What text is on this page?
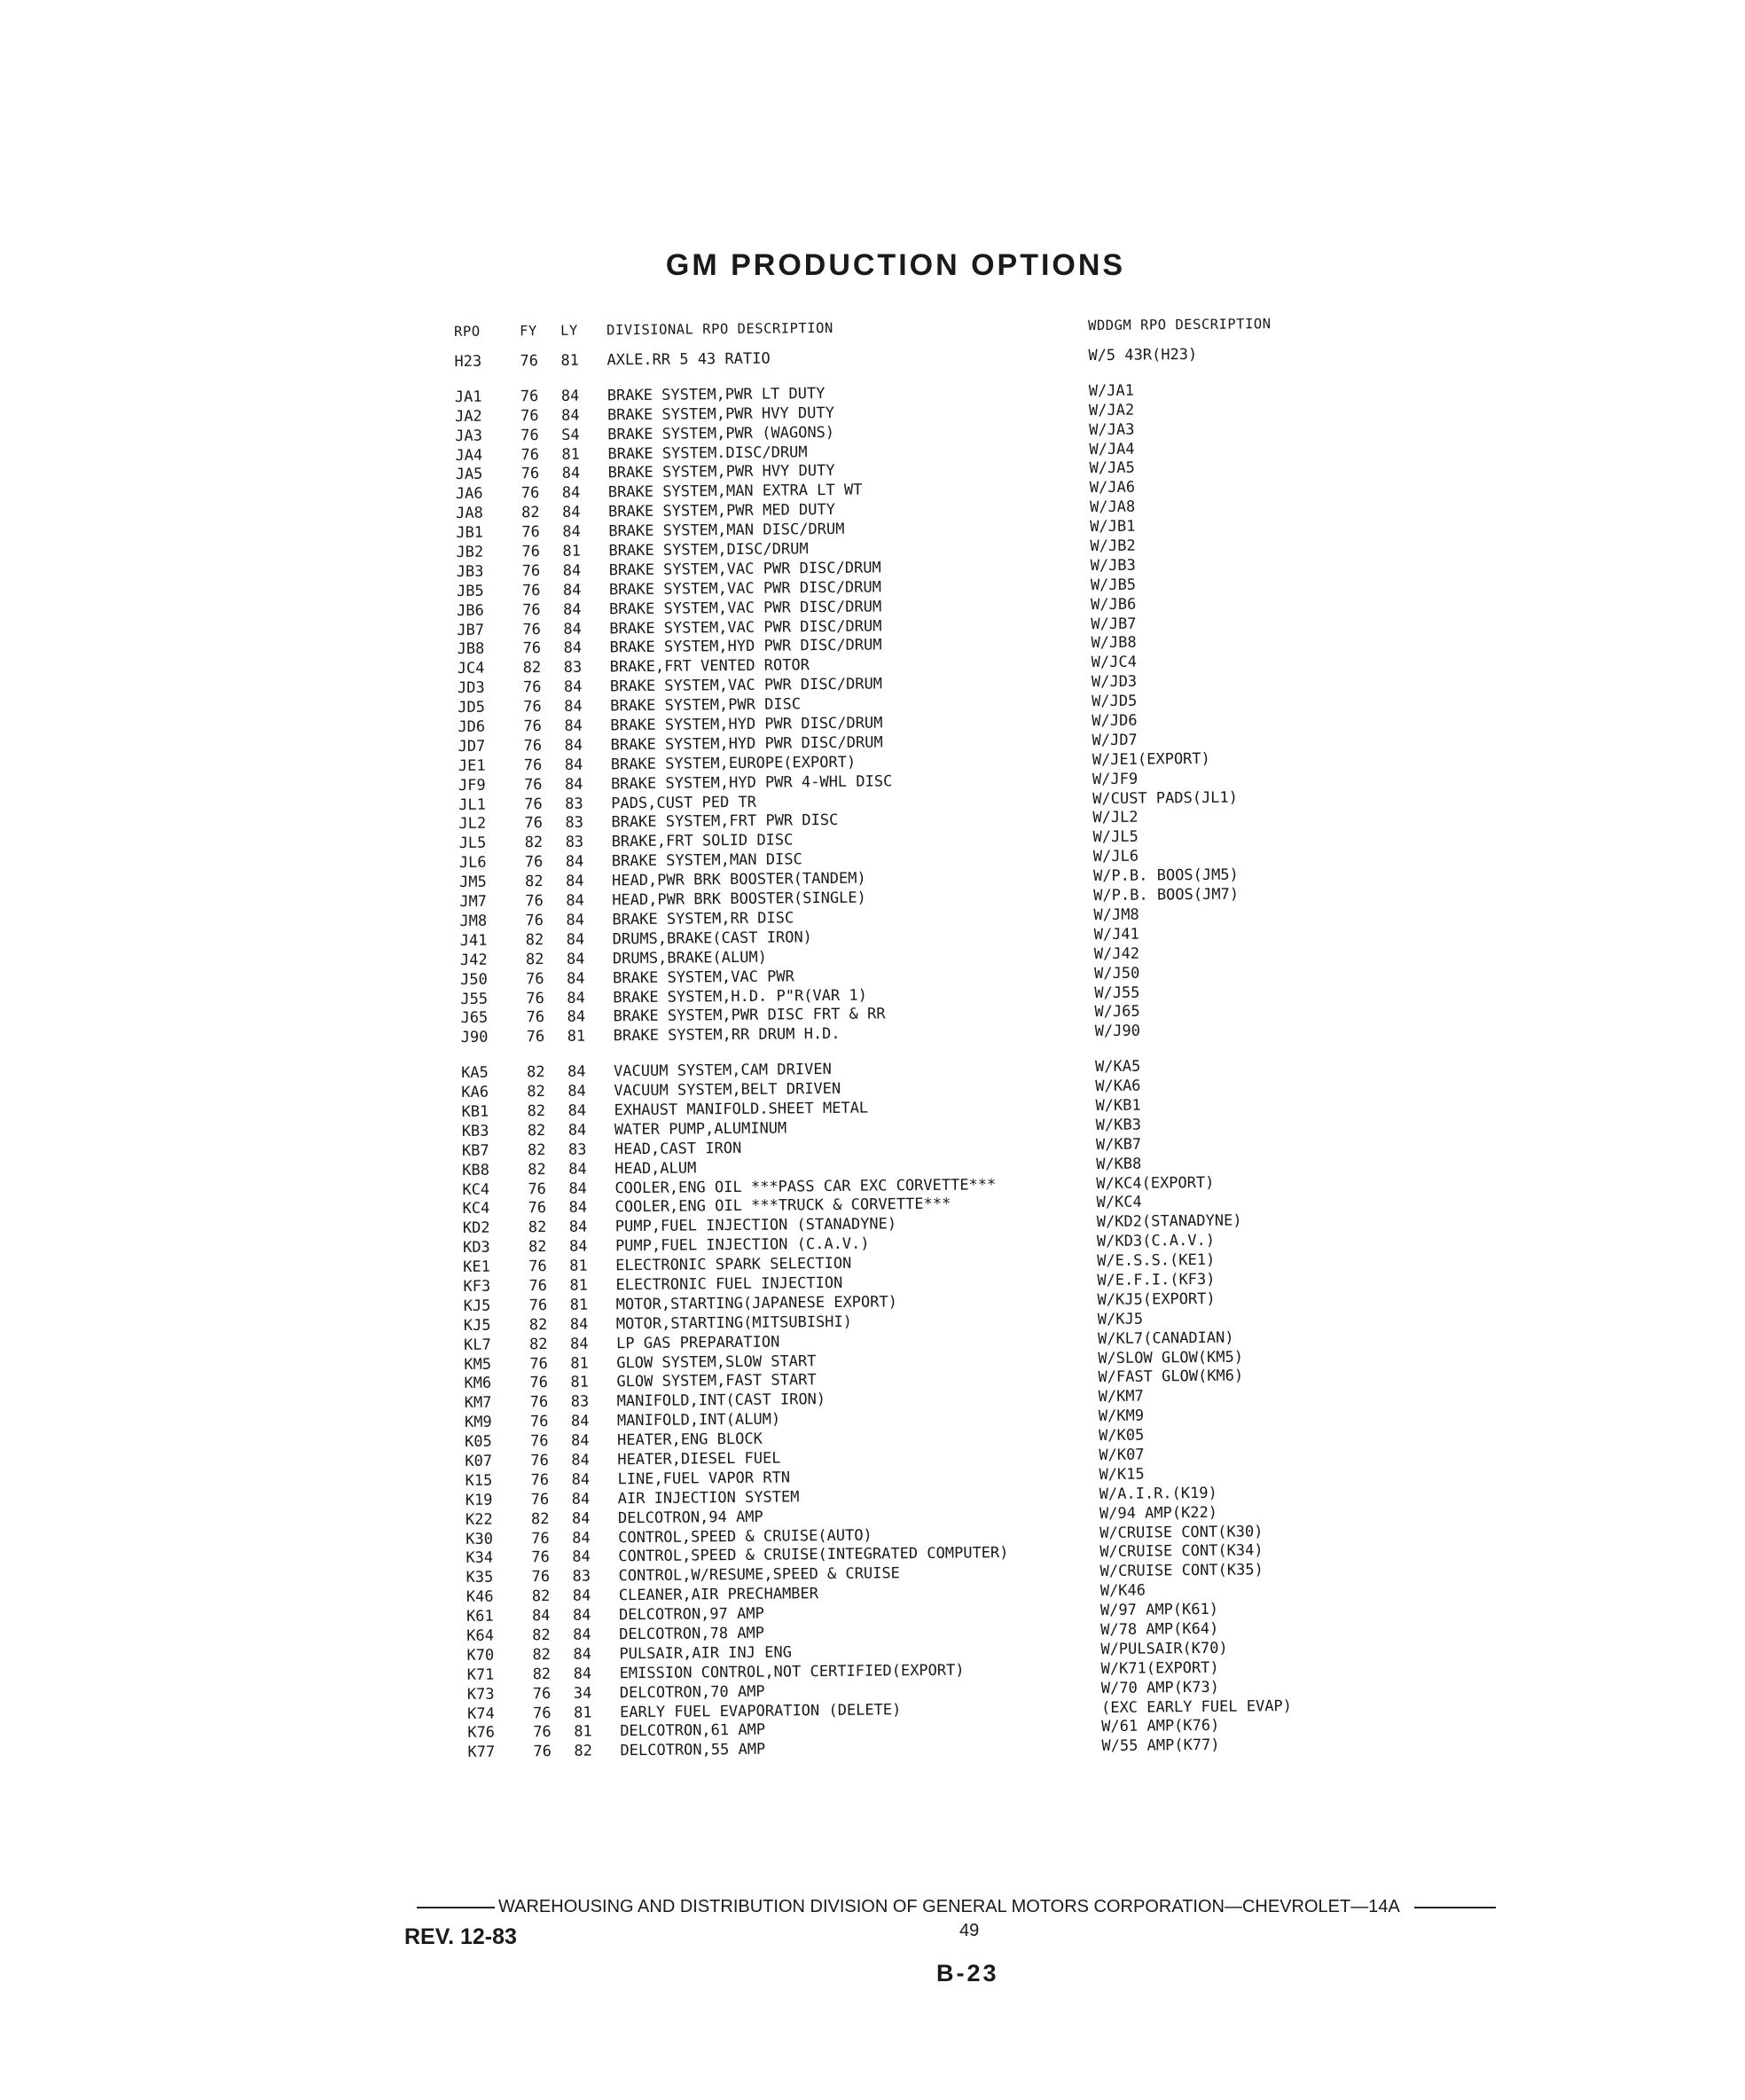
GM PRODUCTION OPTIONS
RPO	FY	LY	DIVISIONAL RPO DESCRIPTION	WDDGM RPO DESCRIPTION
H23	76	81	AXLE.RR 5 43 RATIO	W/5 43R(H23)
JA1	76	84	BRAKE SYSTEM,PWR LT DUTY	W/JA1
JA2	76	84	BRAKE SYSTEM,PWR HVY DUTY	W/JA2
JA3	76	S4	BRAKE SYSTEM,PWR (WAGONS)	W/JA3
JA4	76	81	BRAKE SYSTEM.DISC/DRUM	W/JA4
JA5	76	84	BRAKE SYSTEM,PWR HVY DUTY	W/JA5
JA6	76	84	BRAKE SYSTEM,MAN EXTRA LT WT	W/JA6
JA8	82	84	BRAKE SYSTEM,PWR MED DUTY	W/JA8
JB1	76	84	BRAKE SYSTEM,MAN DISC/DRUM	W/JB1
JB2	76	81	BRAKE SYSTEM,DISC/DRUM	W/JB2
JB3	76	84	BRAKE SYSTEM,VAC PWR DISC/DRUM	W/JB3
JB5	76	84	BRAKE SYSTEM,VAC PWR DISC/DRUM	W/JB5
JB6	76	84	BRAKE SYSTEM,VAC PWR DISC/DRUM	W/JB6
JB7	76	84	BRAKE SYSTEM,VAC PWR DISC/DRUM	W/JB7
JB8	76	84	BRAKE SYSTEM,HYD PWR DISC/DRUM	W/JB8
JC4	82	83	BRAKE,FRT VENTED ROTOR	W/JC4
JD3	76	84	BRAKE SYSTEM,VAC PWR DISC/DRUM	W/JD3
JD5	76	84	BRAKE SYSTEM,PWR DISC	W/JD5
JD6	76	84	BRAKE SYSTEM,HYD PWR DISC/DRUM	W/JD6
JD7	76	84	BRAKE SYSTEM,HYD PWR DISC/DRUM	W/JD7
JE1	76	84	BRAKE SYSTEM,EUROPE(EXPORT)	W/JE1(EXPORT)
JF9	76	84	BRAKE SYSTEM,HYD PWR 4-WHL DISC	W/JF9
JL1	76	83	PADS,CUST PED TR	W/CUST PADS(JL1)
JL2	76	83	BRAKE SYSTEM,FRT PWR DISC	W/JL2
JL5	82	83	BRAKE,FRT SOLID DISC	W/JL5
JL6	76	84	BRAKE SYSTEM,MAN DISC	W/JL6
JM5	82	84	HEAD,PWR BRK BOOSTER(TANDEM)	W/P.B. BOOS(JM5)
JM7	76	84	HEAD,PWR BRK BOOSTER(SINGLE)	W/P.B. BOOS(JM7)
JM8	76	84	BRAKE SYSTEM,RR DISC	W/JM8
J41	82	84	DRUMS,BRAKE(CAST IRON)	W/J41
J42	82	84	DRUMS,BRAKE(ALUM)	W/J42
J50	76	84	BRAKE SYSTEM,VAC PWR	W/J50
J55	76	84	BRAKE SYSTEM,H.D. P"R(VAR 1)	W/J55
J65	76	84	BRAKE SYSTEM,PWR DISC FRT & RR	W/J65
J90	76	81	BRAKE SYSTEM,RR DRUM H.D.	W/J90
KA5	82	84	VACUUM SYSTEM,CAM DRIVEN	W/KA5
KA6	82	84	VACUUM SYSTEM,BELT DRIVEN	W/KA6
KB1	82	84	EXHAUST MANIFOLD.SHEET METAL	W/KB1
KB3	82	84	WATER PUMP,ALUMINUM	W/KB3
KB7	82	83	HEAD,CAST IRON	W/KB7
KB8	82	84	HEAD,ALUM	W/KB8
KC4	76	84	COOLER,ENG OIL ***PASS CAR EXC CORVETTE***	W/KC4(EXPORT)
KC4	76	84	COOLER,ENG OIL ***TRUCK & CORVETTE***	W/KC4
KD2	82	84	PUMP,FUEL INJECTION (STANADYNE)	W/KD2(STANADYNE)
KD3	82	84	PUMP,FUEL INJECTION (C.A.V.)	W/KD3(C.A.V.)
KE1	76	81	ELECTRONIC SPARK SELECTION	W/E.S.S.(KE1)
KF3	76	81	ELECTRONIC FUEL INJECTION	W/E.F.I.(KF3)
KJ5	76	81	MOTOR,STARTING(JAPANESE EXPORT)	W/KJ5(EXPORT)
KJ5	82	84	MOTOR,STARTING(MITSUBISHI)	W/KJ5
KL7	82	84	LP GAS PREPARATION	W/KL7(CANADIAN)
KM5	76	81	GLOW SYSTEM,SLOW START	W/SLOW GLOW(KM5)
KM6	76	81	GLOW SYSTEM,FAST START	W/FAST GLOW(KM6)
KM7	76	83	MANIFOLD,INT(CAST IRON)	W/KM7
KM9	76	84	MANIFOLD,INT(ALUM)	W/KM9
K05	76	84	HEATER,ENG BLOCK	W/K05
K07	76	84	HEATER,DIESEL FUEL	W/K07
K15	76	84	LINE,FUEL VAPOR RTN	W/K15
K19	76	84	AIR INJECTION SYSTEM	W/A.I.R.(K19)
K22	82	84	DELCOTRON,94 AMP	W/94 AMP(K22)
K30	76	84	CONTROL,SPEED & CRUISE(AUTO)	W/CRUISE CONT(K30)
K34	76	84	CONTROL,SPEED & CRUISE(INTEGRATED COMPUTER)	W/CRUISE CONT(K34)
K35	76	83	CONTROL,W/RESUME,SPEED & CRUISE	W/CRUISE CONT(K35)
K46	82	84	CLEANER,AIR PRECHAMBER	W/K46
K61	84	84	DELCOTRON,97 AMP	W/97 AMP(K61)
K64	82	84	DELCOTRON,78 AMP	W/78 AMP(K64)
K70	82	84	PULSAIR,AIR INJ ENG	W/PULSAIR(K70)
K71	82	84	EMISSION CONTROL,NOT CERTIFIED(EXPORT)	W/K71(EXPORT)
K73	76	34	DELCOTRON,70 AMP	W/70 AMP(K73)
K74	76	81	EARLY FUEL EVAPORATION (DELETE)	(EXC EARLY FUEL EVAP)
K76	76	81	DELCOTRON,61 AMP	W/61 AMP(K76)
K77	76	82	DELCOTRON,55 AMP	W/55 AMP(K77)
WAREHOUSING AND DISTRIBUTION DIVISION OF GENERAL MOTORS CORPORATION—CHEVROLET—14A
REV. 12-83	49
B-23
